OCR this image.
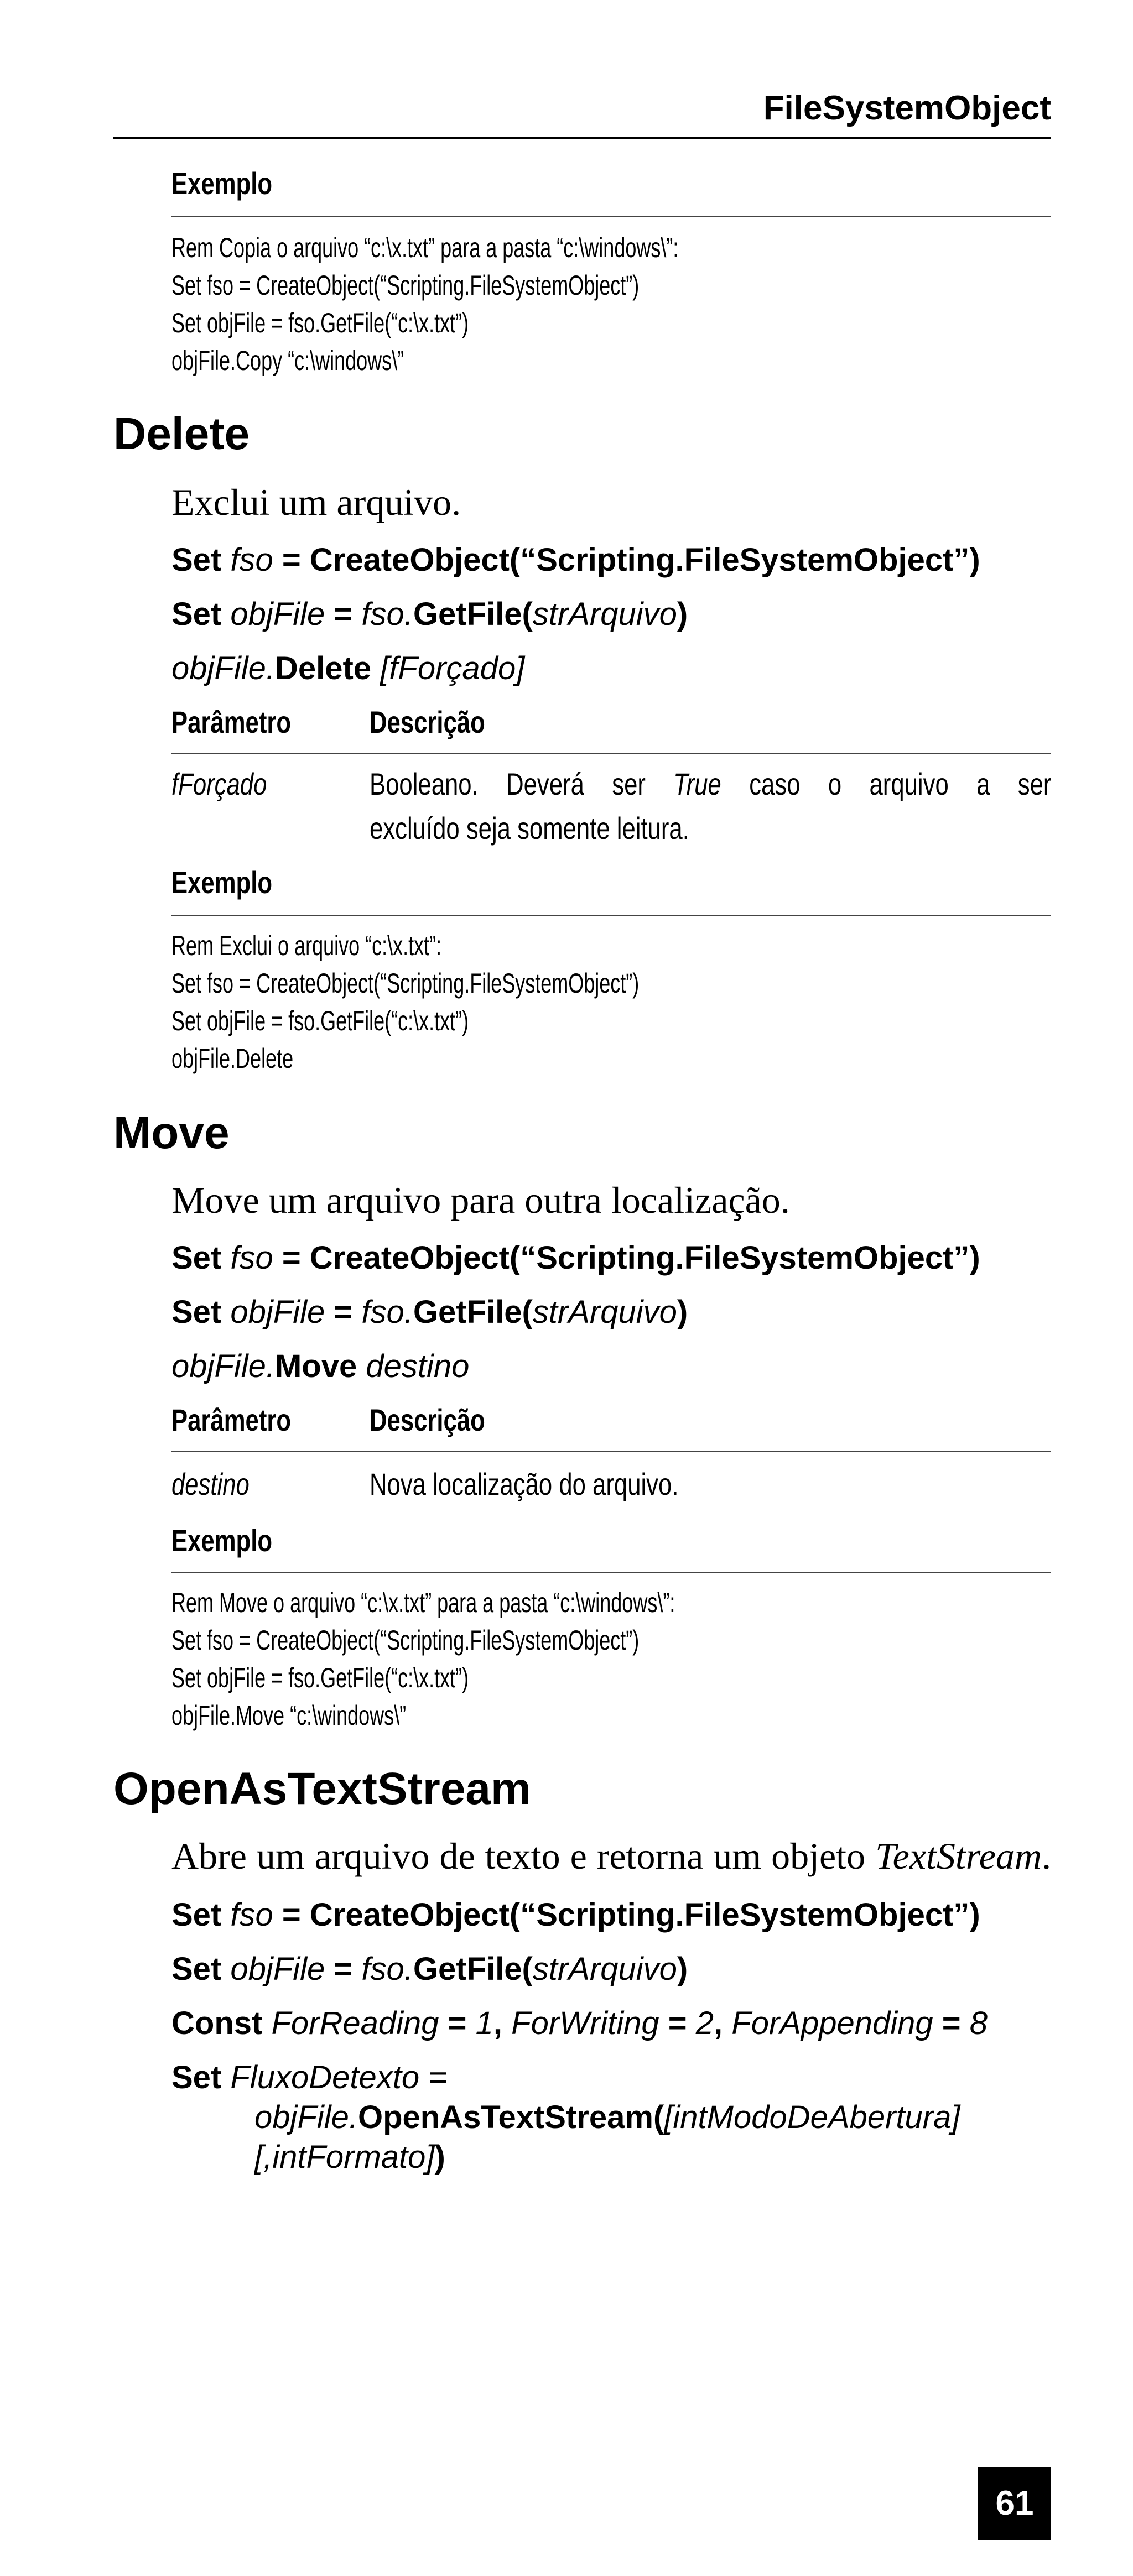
FileSystemObject
Exemplo
Rem Copia o arquivo “c:\x.txt” para a pasta “c:\windows\”:
Set fso = CreateObject(“Scripting.FileSystemObject”)
Set objFile = fso.GetFile(“c:\x.txt”)
objFile.Copy “c:\windows\”
Delete
Exclui um arquivo.
Set fso = CreateObject(“Scripting.FileSystemObject”)
Set objFile = fso.GetFile(strArquivo)
objFile.Delete [fForçado]
Parâmetro	Descrição
fForçado	Booleano. Deverá ser True caso o arquivo a ser
excluído seja somente leitura.
Exemplo
Rem Exclui o arquivo “c:\x.txt”:
Set fso = CreateObject(“Scripting.FileSystemObject”)
Set objFile = fso.GetFile(“c:\x.txt”)
objFile.Delete
Move
Move um arquivo para outra localização.
Set fso = CreateObject(“Scripting.FileSystemObject”)
Set objFile = fso.GetFile(strArquivo)
objFile.Move destino
Parâmetro	Descrição
destino	Nova localização do arquivo.
Exemplo
Rem Move o arquivo “c:\x.txt” para a pasta “c:\windows\”:
Set fso = CreateObject(“Scripting.FileSystemObject”)
Set objFile = fso.GetFile(“c:\x.txt”)
objFile.Move “c:\windows\”
OpenAsTextStream
Abre um arquivo de texto e retorna um objeto TextStream.
Set fso = CreateObject(“Scripting.FileSystemObject”)
Set objFile = fso.GetFile(strArquivo)
Const ForReading = 1, ForWriting = 2, ForAppending = 8
Set FluxoDetexto =
objFile.OpenAsTextStream([intModoDeAbertura]
[,intFormato])
61
